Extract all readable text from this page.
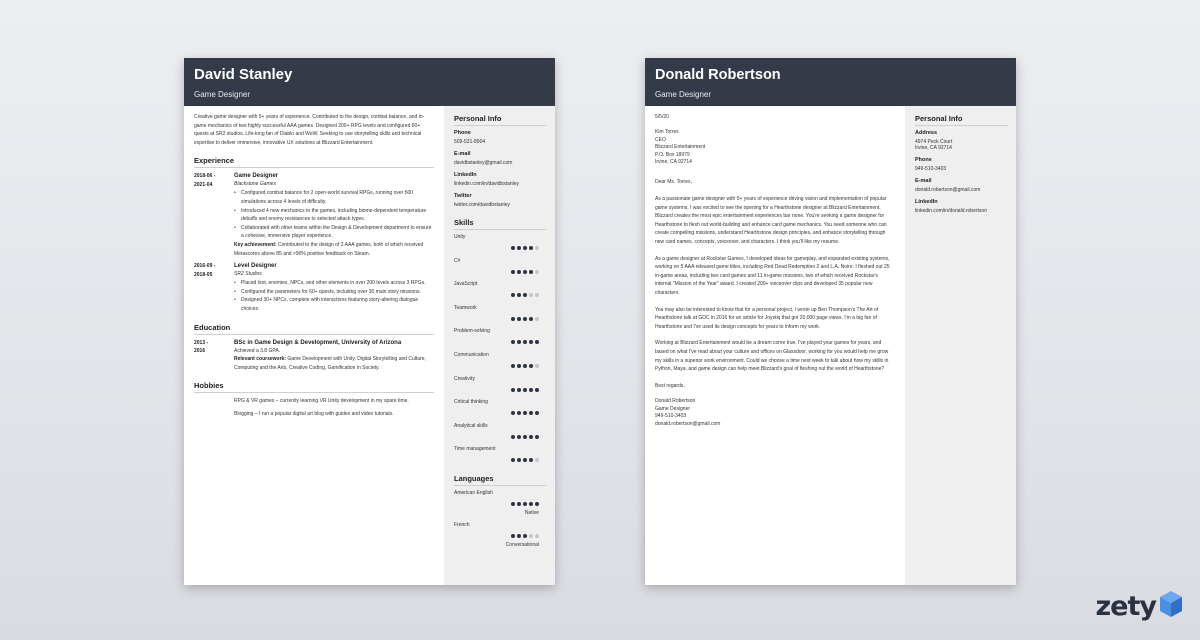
David Stanley
Game Designer
Creative game designer with 5+ years of experience. Contributed to the design, combat balance, and in-game mechanics of two highly successful AAA games. Designed 200+ RPG levels and configured 60+ quests at SR2 studios. Life-long fan of Diablo and WoW. Seeking to use storytelling skills and technical expertise to deliver immersive, innovative UX solutions at Blizzard Entertainment.
Experience
2018-06 -
2021-04
Game Designer
Blackstone Games
• Configured combat balance for 2 open-world survival RPGs, running over 500 simulations across 4 levels of difficulty.
• Introduced 4 new mechanics to the games, including biome-dependent temperature debuffs and enemy resistances to selected attack types.
• Collaborated with other teams within the Design & Development department to ensure a cohesive, immersive player experience.
Key achievement: Contributed to the design of 2 AAA games, both of which received Metascores above 85 and >90% positive feedback on Steam.
2016-09 -
2018-05
Level Designer
SR2 Studios
• Placed loot, enemies, NPCs, and other elements in over 200 levels across 3 RPGs.
• Configured the parameters for 60+ quests, including over 30 main story missions.
• Designed 30+ NPCs, complete with interactions featuring story-altering dialogue choices.
Education
2013 -
2016
BSc in Game Design & Development, University of Arizona
Achieved a 3.8 GPA.
Relevant coursework: Game Development with Unity, Digital Storytelling and Culture, Computing and the Arts, Creative Coding, Gamification in Society.
Hobbies
RPG & VR games – currently learning VR Unity development in my spare time.
Blogging – I run a popular digital art blog with guides and video tutorials.
Personal Info
Phone
509-531-8904
E-mail
davidbstanley@gmail.com
LinkedIn
linkedin.com/in/davidbstanley
Twitter
twitter.com/davidbstanley
Skills
Unity
C#
JavaScript
Teamwork
Problem-solving
Communication
Creativity
Critical thinking
Analytical skills
Time management
Languages
American English
Native
French
Conversational
Donald Robertson
Game Designer
5/5/20
Kim Torres
CEO
Blizzard Entertainment
P.O. Box 18979
Irvine, CA 92714

Dear Ms. Torres,

As a passionate game designer with 5+ years of experience driving vision and implementation of popular game systems, I was excited to see the opening for a Hearthstone designer at Blizzard Entertainment. Blizzard creates the most epic entertainment experiences bar none. You're seeking a game designer for Hearthstone to flesh out world-building and enhance card game mechanics. You need someone who can create compelling missions, understand Hearthstone design principles, and enhance storytelling through new card names, concepts, voiceover, and characters. I think you'll like my resume.

As a game designer at Rockstar Games, I developed ideas for gameplay, and expanded existing systems, working on 5 AAA released game titles, including Red Dead Redemption 2 and L.A. Noire. I fleshed out 25 in-game areas, including two card games and 11 in-game missions, two of which received Rockstar's internal "Mission of the Year" award. I created 200+ voiceover clips and developed 35 popular new characters.

You may also be interested to know that for a personal project, I wrote up Ben Thompson's The Art of Hearthstone talk at GDC in 2016 for an article for Joystiq that got 20,000 page views. I'm a big fan of Hearthstone and I've used its design concepts for years to inform my work.

Working at Blizzard Entertainment would be a dream come true. I've played your games for years, and based on what I've read about your culture and offices on Glassdoor, working for you would help me grow my skills in a superior work environment. Could we choose a time next week to talk about how my skills in Python, Maya, and game design can help meet Blizzard's goal of fleshing out the world of Hearthstone?

Best regards,

Donald Robertson
Game Designer
949-510-3403
donald.robertson@gmail.com
Personal Info
Address
4974 Peck Court
Irvine, CA 92714
Phone
949-510-3403
E-mail
donald.robertson@gmail.com
LinkedIn
linkedin.com/in/donald.robertson
zety
